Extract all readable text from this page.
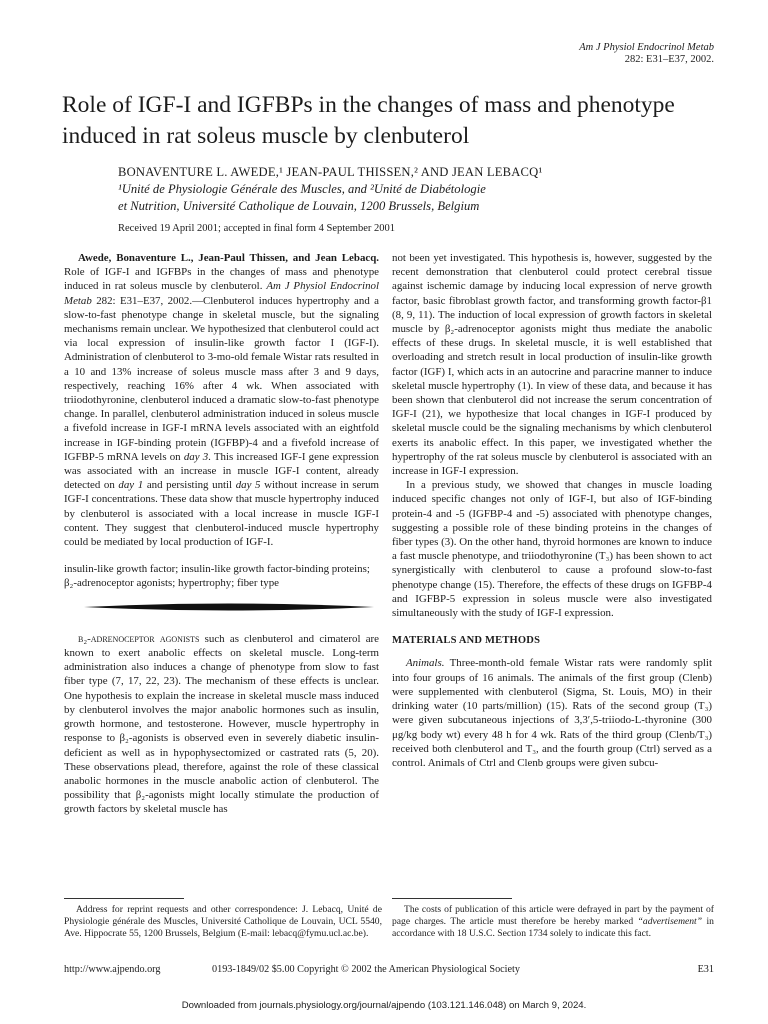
Am J Physiol Endocrinol Metab
282: E31–E37, 2002.
Role of IGF-I and IGFBPs in the changes of mass and phenotype induced in rat soleus muscle by clenbuterol
BONAVENTURE L. AWEDE,¹ JEAN-PAUL THISSEN,² AND JEAN LEBACQ¹
¹Unité de Physiologie Générale des Muscles, and ²Unité de Diabétologie
et Nutrition, Université Catholique de Louvain, 1200 Brussels, Belgium
Received 19 April 2001; accepted in final form 4 September 2001

Awede, Bonaventure L., Jean-Paul Thissen, and Jean Lebacq. Role of IGF-I and IGFBPs in the changes of mass and phenotype induced in rat soleus muscle by clenbuterol. Am J Physiol Endocrinol Metab 282: E31–E37, 2002.—Clenbuterol induces hypertrophy and a slow-to-fast phenotype change in skeletal muscle, but the signaling mechanisms remain unclear. We hypothesized that clenbuterol could act via local expression of insulin-like growth factor I (IGF-I). Administration of clenbuterol to 3-mo-old female Wistar rats resulted in a 10 and 13% increase of soleus muscle mass after 3 and 9 days, respectively, reaching 16% after 4 wk. When associated with triiodothyronine, clenbuterol induced a dramatic slow-to-fast phenotype change. In parallel, clenbuterol administration induced in soleus muscle a fivefold increase in IGF-I mRNA levels associated with an eightfold increase in IGF-binding protein (IGFBP)-4 and a fivefold increase of IGFBP-5 mRNA levels on day 3. This increased IGF-I gene expression was associated with an increase in muscle IGF-I content, already detected on day 1 and persisting until day 5 without increase in serum IGF-I concentrations. These data show that muscle hypertrophy induced by clenbuterol is associated with a local increase in muscle IGF-I content. They suggest that clenbuterol-induced muscle hypertrophy could be mediated by local production of IGF-I.

insulin-like growth factor; insulin-like growth factor-binding proteins; β₂-adrenoceptor agonists; hypertrophy; fiber type

β₂-adrenoceptor agonists such as clenbuterol and cimaterol are known to exert anabolic effects on skeletal muscle. Long-term administration also induces a change of phenotype from slow to fast fiber type (7, 17, 22, 23). The mechanism of these effects is unclear. One hypothesis to explain the increase in skeletal muscle mass induced by clenbuterol involves the major anabolic hormones such as insulin, growth hormone, and testosterone. However, muscle hypertrophy in response to β₂-agonists is observed even in severely diabetic insulin-deficient as well as in hypophysectomized or castrated rats (5, 20). These observations plead, therefore, against the role of these classical anabolic hormones in the muscle anabolic action of clenbuterol. The possibility that β₂-agonists might locally stimulate the production of growth factors by skeletal muscle has

not been yet investigated. This hypothesis is, however, suggested by the recent demonstration that clenbuterol could protect cerebral tissue against ischemic damage by inducing local expression of nerve growth factor, basic fibroblast growth factor, and transforming growth factor-β1 (8, 9, 11). The induction of local expression of growth factors in skeletal muscle by β₂-adrenoceptor agonists might thus mediate the anabolic effects of these drugs. In skeletal muscle, it is well established that overloading and stretch result in local production of insulin-like growth factor (IGF) I, which acts in an autocrine and paracrine manner to induce skeletal muscle hypertrophy (1). In view of these data, and because it has been shown that clenbuterol did not increase the serum concentration of IGF-I (21), we hypothesize that local changes in IGF-I produced by skeletal muscle could be the signaling mechanisms by which clenbuterol exerts its anabolic effect. In this paper, we investigated whether the hypertrophy of the rat soleus muscle by clenbuterol is associated with an increase in IGF-I expression.

In a previous study, we showed that changes in muscle loading induced specific changes not only of IGF-I, but also of IGF-binding protein-4 and -5 (IGFBP-4 and -5) associated with phenotype changes, suggesting a possible role of these binding proteins in the changes of fiber types (3). On the other hand, thyroid hormones are known to induce a fast muscle phenotype, and triiodothyronine (T₃) has been shown to act synergistically with clenbuterol to cause a profound slow-to-fast phenotype change (15). Therefore, the effects of these drugs on IGFBP-4 and IGFBP-5 expression in soleus muscle were also investigated simultaneously with the study of IGF-I expression.

MATERIALS AND METHODS

Animals. Three-month-old female Wistar rats were randomly split into four groups of 16 animals. The animals of the first group (Clenb) were supplemented with clenbuterol (Sigma, St. Louis, MO) in their drinking water (10 parts/million) (15). Rats of the second group (T₃) were given subcutaneous injections of 3,3′,5-triiodo-L-thyronine (300 μg/kg body wt) every 48 h for 4 wk. Rats of the third group (Clenb/T₃) received both clenbuterol and T₃, and the fourth group (Ctrl) served as a control. Animals of Ctrl and Clenb groups were given subcu-

Address for reprint requests and other correspondence: J. Lebacq, Unité de Physiologie générale des Muscles, Université Catholique de Louvain, UCL 5540, Ave. Hippocrate 55, 1200 Brussels, Belgium (E-mail: lebacq@fymu.ucl.ac.be).

The costs of publication of this article were defrayed in part by the payment of page charges. The article must therefore be hereby marked “advertisement” in accordance with 18 U.S.C. Section 1734 solely to indicate this fact.

http://www.ajpendo.org	0193-1849/02 $5.00 Copyright © 2002 the American Physiological Society	E31
Downloaded from journals.physiology.org/journal/ajpendo (103.121.146.048) on March 9, 2024.
